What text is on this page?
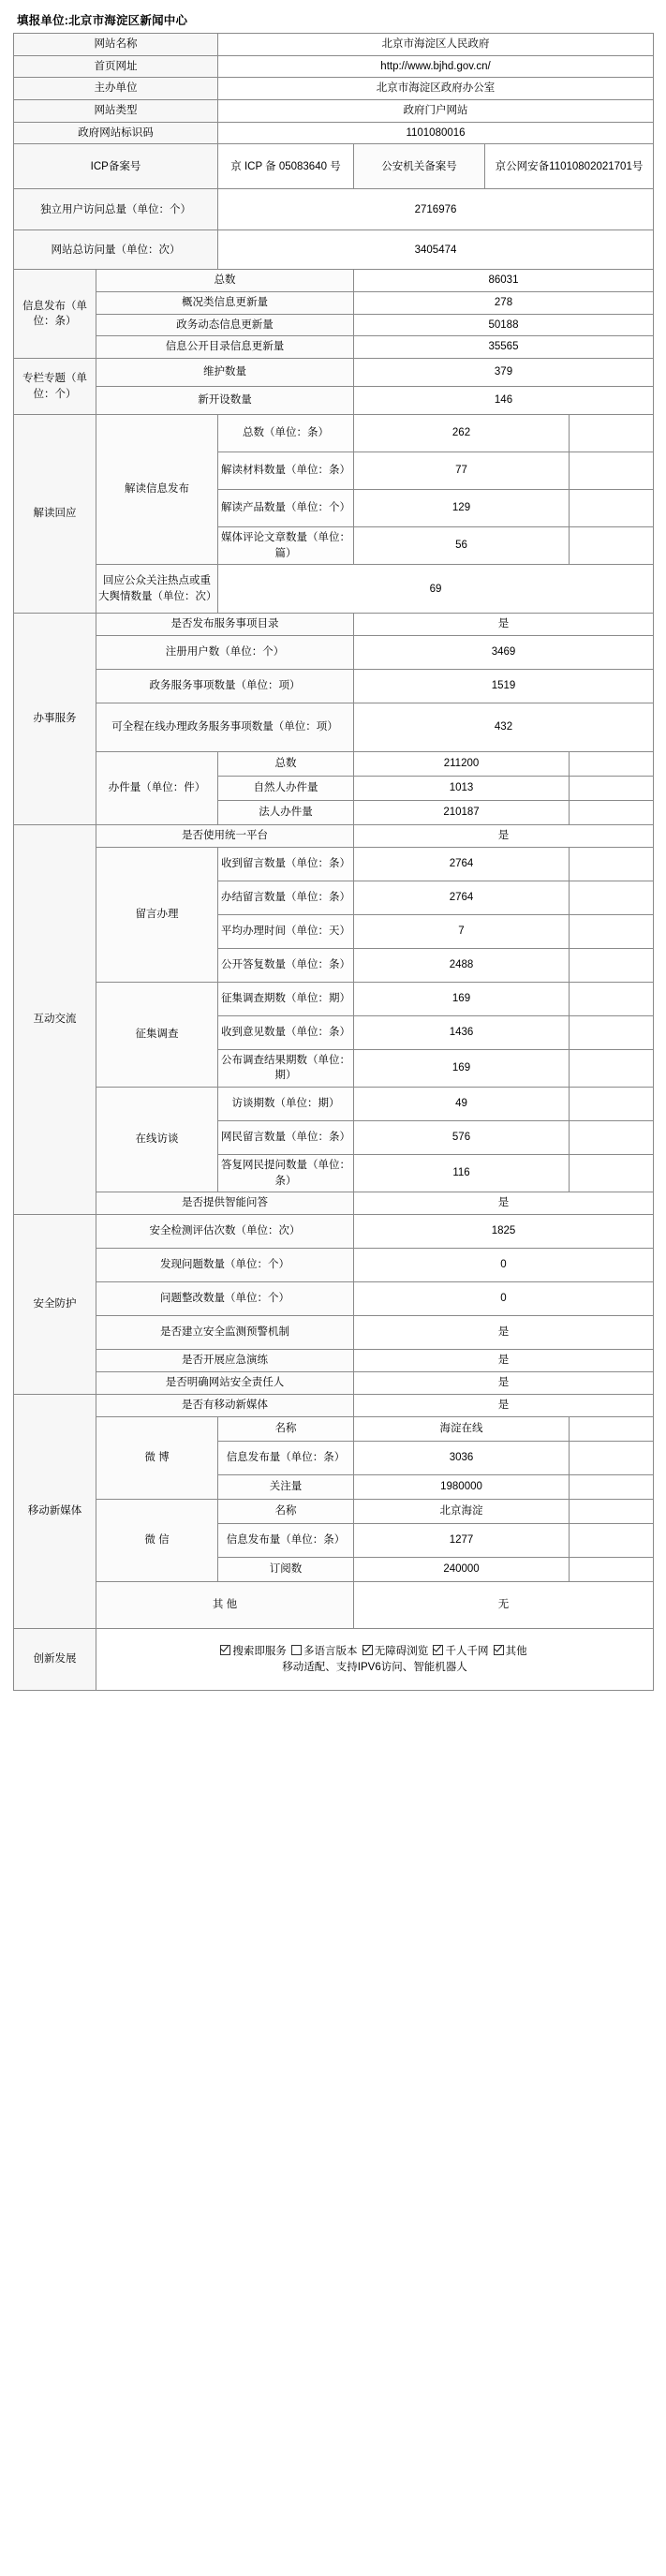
填报单位:北京市海淀区新闻中心
网站名称		北京市海淀区人民政府			
首页网址		http://www.bjhd.gov.cn/			
主办单位		北京市海淀区政府办公室			
网站类型		政府门户网站			
政府网站标识码		1101080016			
ICP备案号		京 ICP 备 05083640 号	公安机关备案号	京公网安备11010802021701号	
独立用户访问总量（单位：个）		2716976			
网站总访问量（单位：次）		3405474			
信息发布（单位：条）	总数		86031		
	概况类信息更新量		278		
	政务动态信息更新量		50188		
	信息公开目录信息更新量		35565		
专栏专题（单位：个）	维护数量		379		
	新开设数量		146		
解读回应	解读信息发布	总数（单位：条）	262		
		解读材料数量（单位：条）	77		
		解读产品数量（单位：个）	129		
		媒体评论文章数量（单位：篇）	56		
	回应公众关注热点或重大舆情数量（单位：次）	69			
办事服务	是否发布服务事项目录		是		
	注册用户数（单位：个）		3469		
	政务服务事项数量（单位：项）		1519		
	可全程在线办理政务服务事项数量（单位：项）		432		
	办件量（单位：件）	总数	211200		
		自然人办件量	1013		
		法人办件量	210187		
互动交流	是否使用统一平台		是		
	留言办理	收到留言数量（单位：条）	2764		
		办结留言数量（单位：条）	2764		
		平均办理时间（单位：天）	7		
		公开答复数量（单位：条）	2488		
	征集调查	征集调查期数（单位：期）	169		
		收到意见数量（单位：条）	1436		
		公布调查结果期数（单位：期）	169		
	在线访谈	访谈期数（单位：期）	49		
		网民留言数量（单位：条）	576		
		答复网民提问数量（单位：条）	116		
	是否提供智能问答		是		
安全防护	安全检测评估次数（单位：次）		1825		
	发现问题数量（单位：个）		0		
	问题整改数量（单位：个）		0		
	是否建立安全监测预警机制		是		
	是否开展应急演练		是		
	是否明确网站安全责任人		是		
移动新媒体	是否有移动新媒体		是		
	微 博	名称	海淀在线		
		信息发布量（单位：条）	3036		
		关注量	1980000		
	微 信	名称	北京海淀		
		信息发布量（单位：条）	1277		
		订阅数	240000		
	其 他		无		
创新发展	搜索即服务 多语言版本 无障碍浏览 千人千网 其他
移动适配、支持IPV6访问、智能机器人				
